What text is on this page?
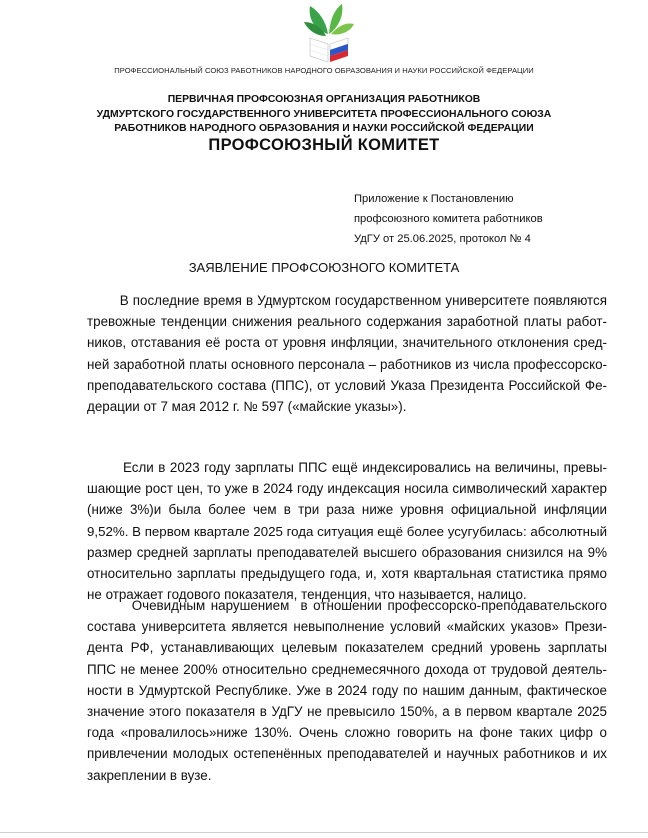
ПРОФЕССИОНАЛЬНЫЙ СОЮЗ РАБОТНИКОВ НАРОДНОГО ОБРАЗОВАНИЯ И НАУКИ РОССИЙСКОЙ ФЕДЕРАЦИИ
ПЕРВИЧНАЯ ПРОФСОЮЗНАЯ ОРГАНИЗАЦИЯ РАБОТНИКОВ
УДМУРТСКОГО ГОСУДАРСТВЕННОГО УНИВЕРСИТЕТА ПРОФЕССИОНАЛЬНОГО СОЮЗА
РАБОТНИКОВ НАРОДНОГО ОБРАЗОВАНИЯ И НАУКИ РОССИЙСКОЙ ФЕДЕРАЦИИ
ПРОФСОЮЗНЫЙ КОМИТЕТ
Приложение к Постановлению
профсоюзного комитета работников
УдГУ от 25.06.2025, протокол № 4
ЗАЯВЛЕНИЕ ПРОФСОЮЗНОГО КОМИТЕТА
В последние время в Удмуртском государственном университете появляются
тревожные тенденции снижения реального содержания заработной платы работ-
ников, отставания её роста от уровня инфляции, значительного отклонения сред-
ней заработной платы основного персонала – работников из числа профессорско-
преподавательского состава (ППС), от условий Указа Президента Российской Фе-
дерации от 7 мая 2012 г. № 597 («майские указы»).
Если в 2023 году зарплаты ППС ещё индексировались на величины, превы-
шающие рост цен, то уже в 2024 году индексация носила символический характер
(ниже 3%)и была более чем в три раза ниже уровня официальной инфляции
9,52%. В первом квартале 2025 года ситуация ещё более усугубилась: абсолютный
размер средней зарплаты преподавателей высшего образования снизился на 9%
относительно зарплаты предыдущего года, и, хотя квартальная статистика прямо
не отражает годового показателя, тенденция, что называется, налицо.
Очевидным нарушением  в отношении профессорско-преподавательского
состава университета является невыполнение условий «майских указов» Прези-
дента РФ, устанавливающих целевым показателем средний уровень зарплаты
ППС не менее 200% относительно среднемесячного дохода от трудовой деятель-
ности в Удмуртской Республике. Уже в 2024 году по нашим данным, фактическое
значение этого показателя в УдГУ не превысило 150%, а в первом квартале 2025
года «провалилось»ниже 130%. Очень сложно говорить на фоне таких цифр о
привлечении молодых остепенённых преподавателей и научных работников и их
закреплении в вузе.
